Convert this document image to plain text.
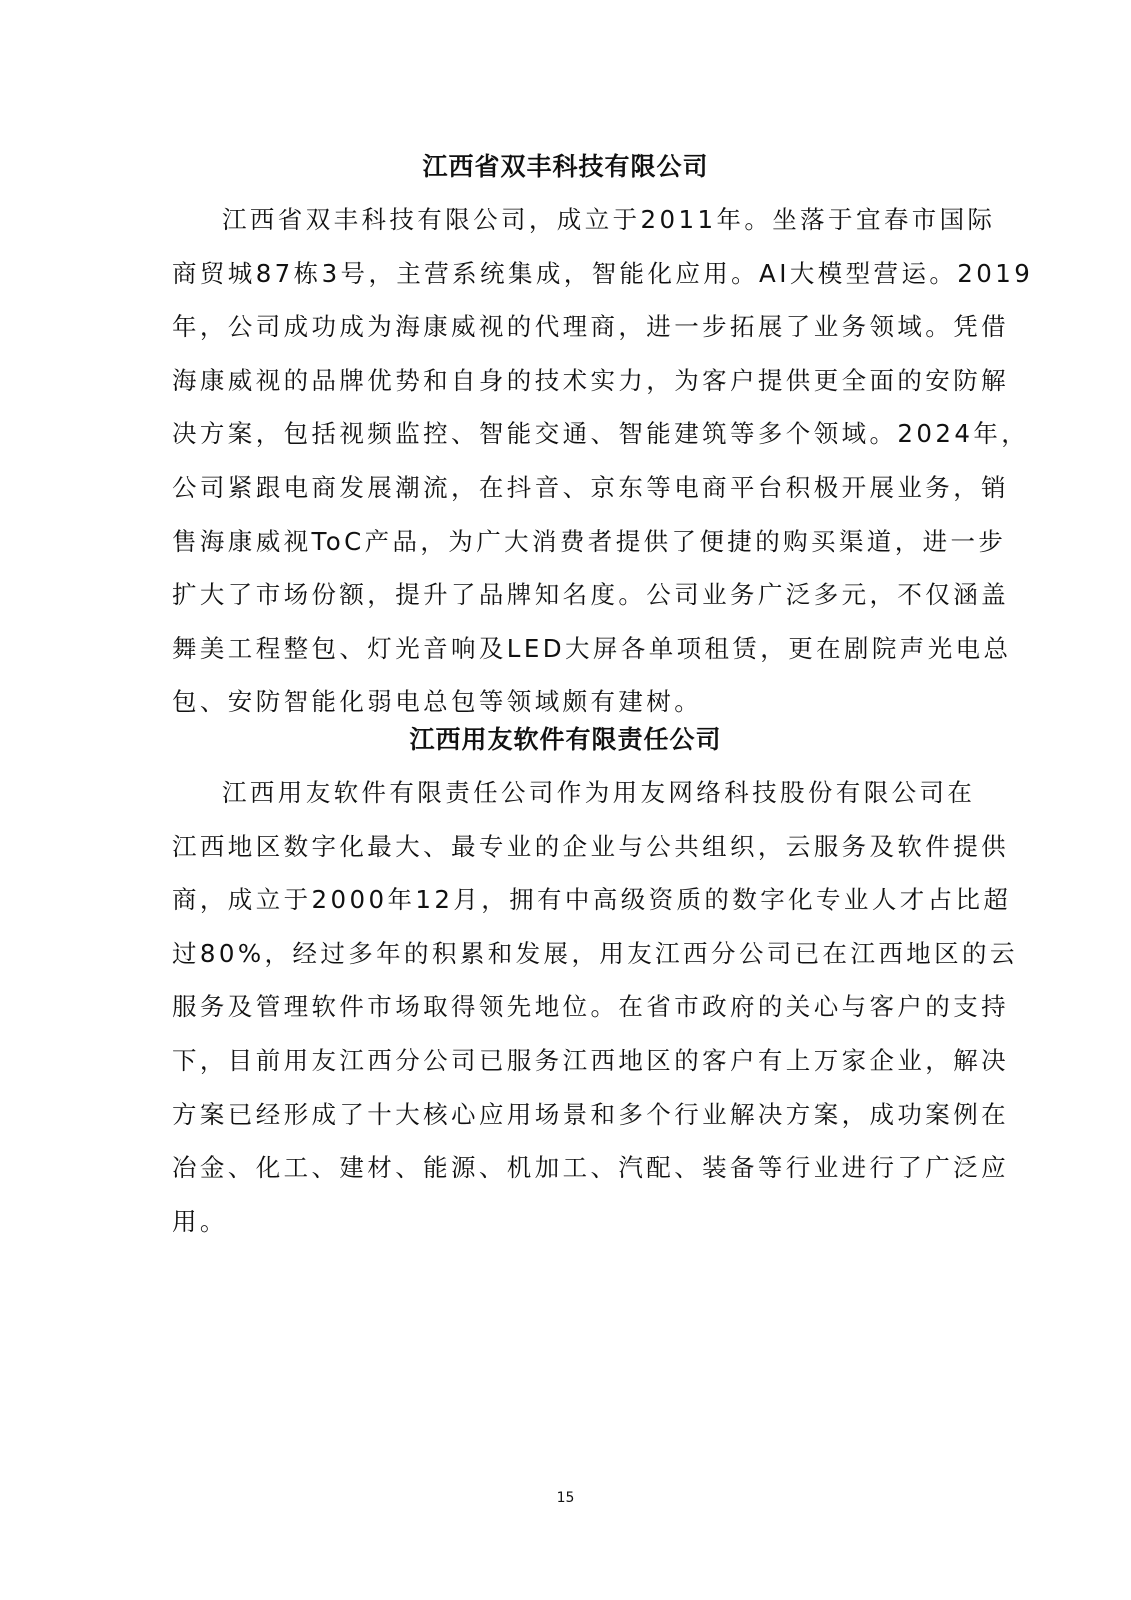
江西省双丰科技有限公司
江西省双丰科技有限公司，成立于2011年。坐落于宜春市国际
商贸城87栋3号，主营系统集成，智能化应用。AI大模型营运。2019
年，公司成功成为海康威视的代理商，进一步拓展了业务领域。凭借
海康威视的品牌优势和自身的技术实力，为客户提供更全面的安防解
决方案，包括视频监控、智能交通、智能建筑等多个领域。2024年，
公司紧跟电商发展潮流，在抖音、京东等电商平台积极开展业务，销
售海康威视ToC产品，为广大消费者提供了便捷的购买渠道，进一步
扩大了市场份额，提升了品牌知名度。公司业务广泛多元，不仅涵盖
舞美工程整包、灯光音响及LED大屏各单项租赁，更在剧院声光电总
包、安防智能化弱电总包等领域颇有建树。
江西用友软件有限责任公司
江西用友软件有限责任公司作为用友网络科技股份有限公司在
江西地区数字化最大、最专业的企业与公共组织，云服务及软件提供
商，成立于2000年12月，拥有中高级资质的数字化专业人才占比超
过80%，经过多年的积累和发展，用友江西分公司已在江西地区的云
服务及管理软件市场取得领先地位。在省市政府的关心与客户的支持
下，目前用友江西分公司已服务江西地区的客户有上万家企业，解决
方案已经形成了十大核心应用场景和多个行业解决方案，成功案例在
冶金、化工、建材、能源、机加工、汽配、装备等行业进行了广泛应
用。
15
